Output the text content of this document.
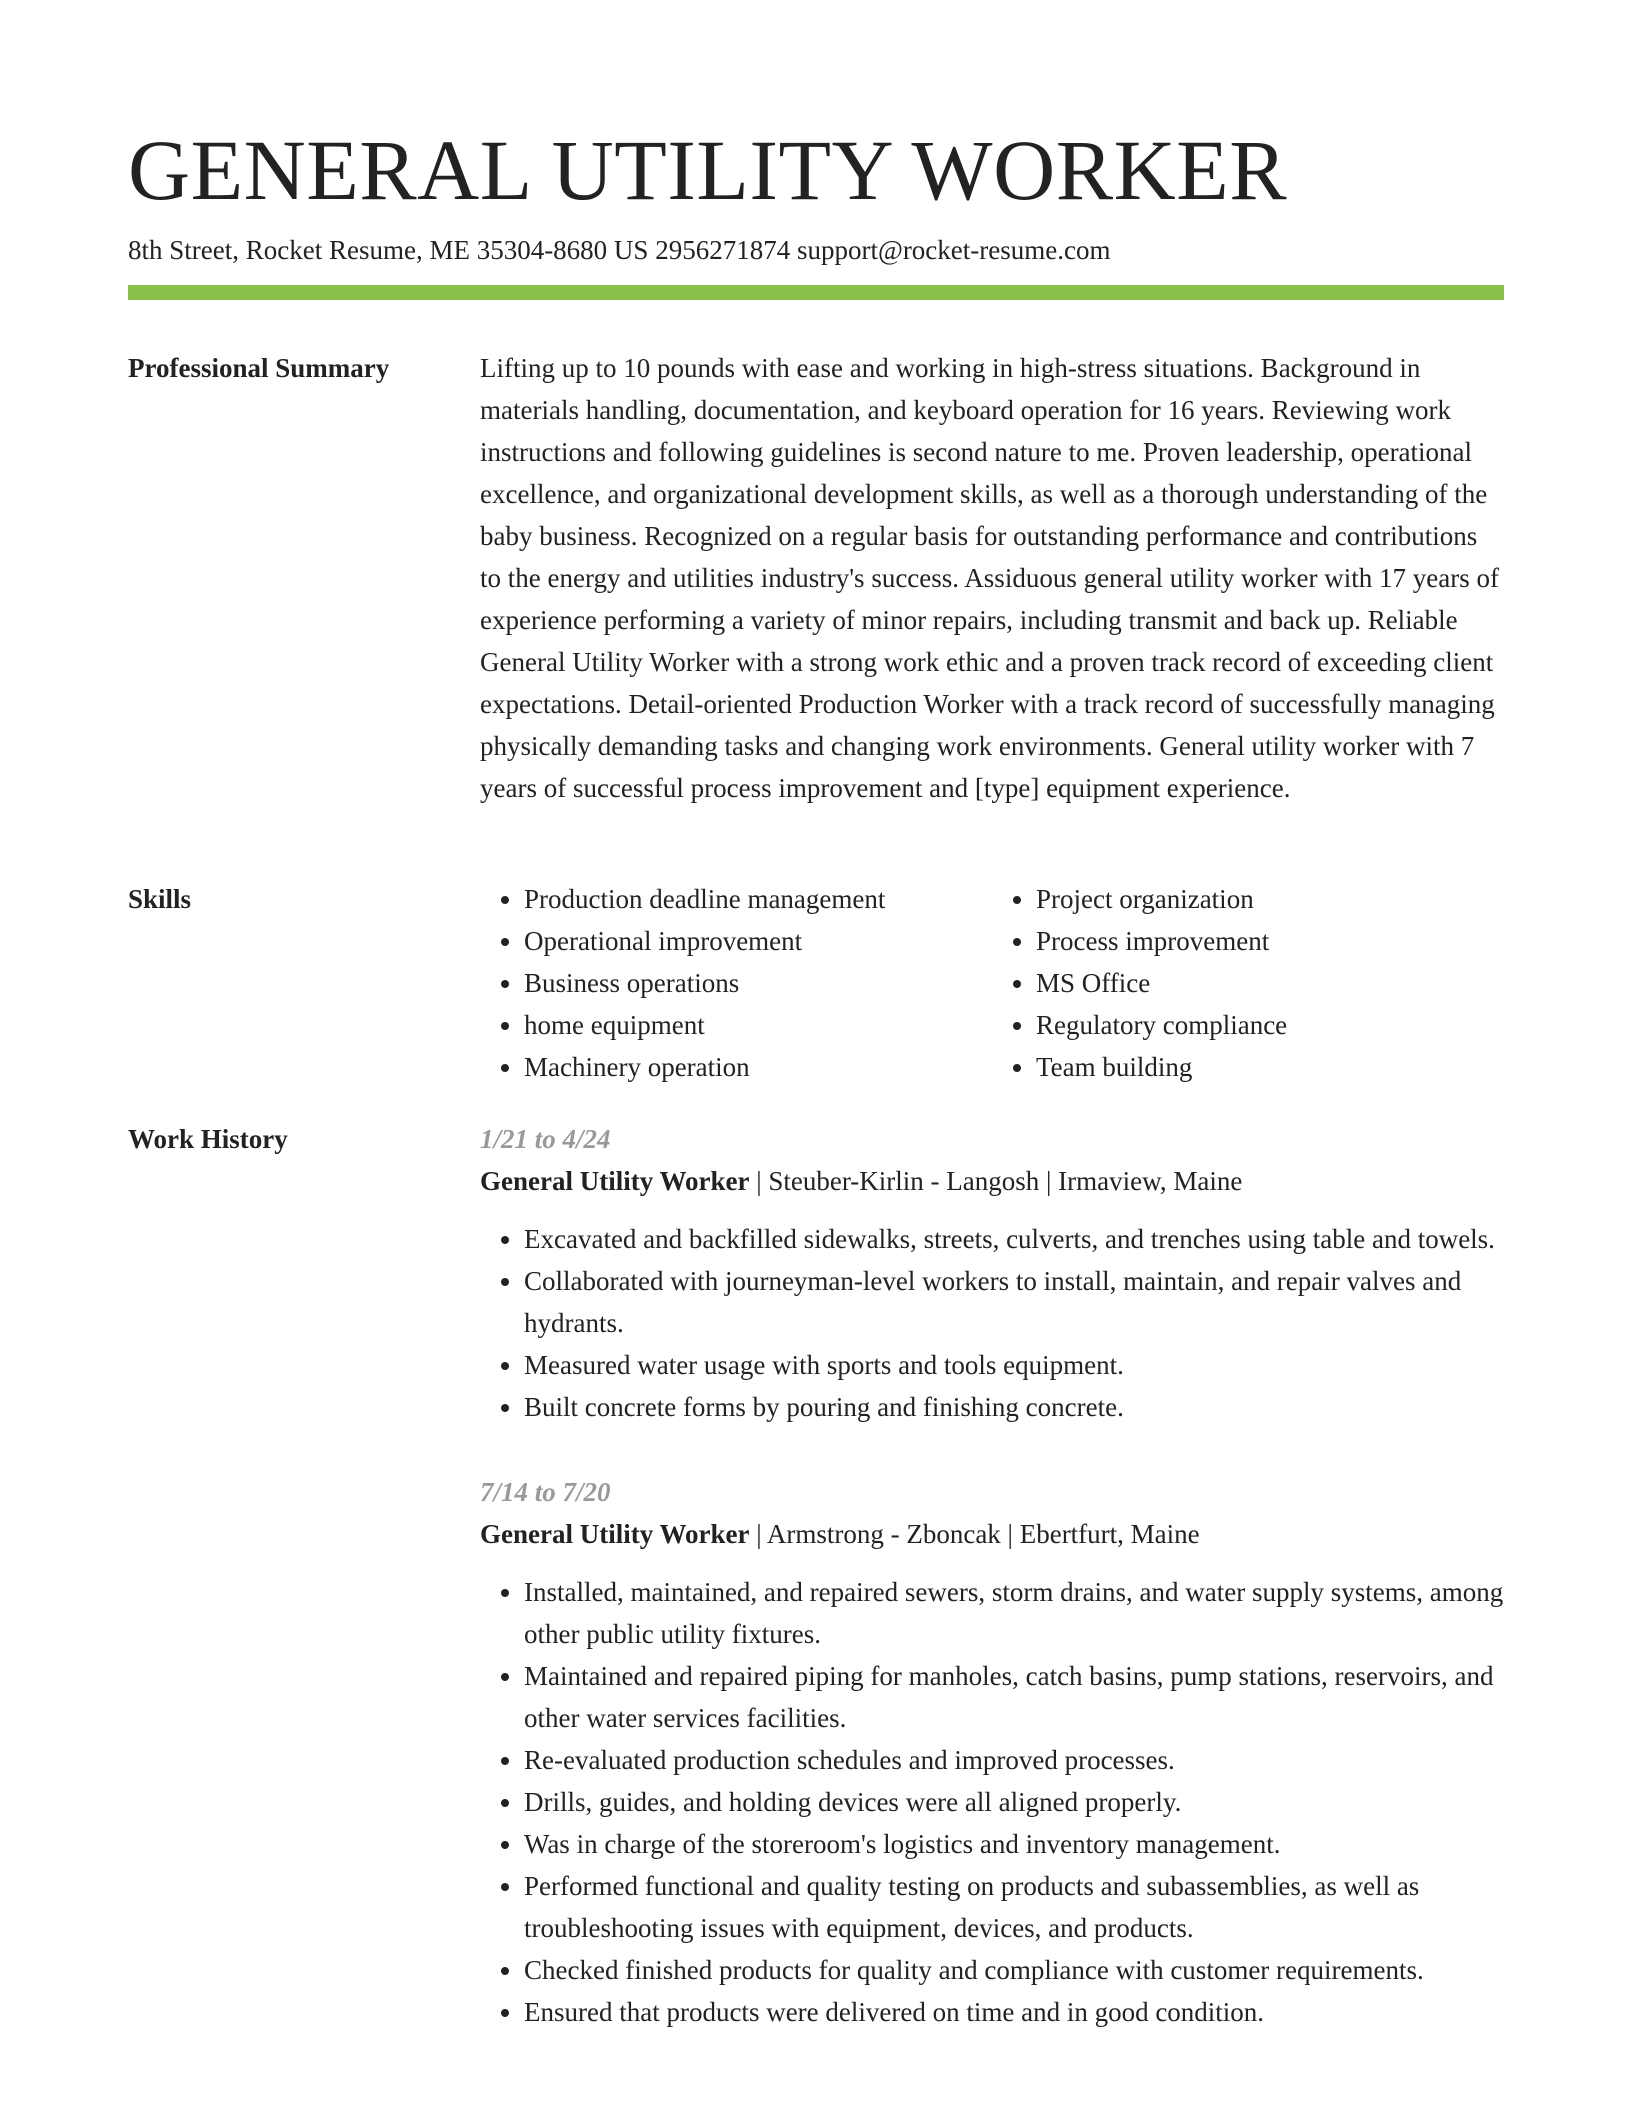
GENERAL UTILITY WORKER
8th Street, Rocket Resume, ME 35304-8680 US 2956271874 support@rocket-resume.com
Professional Summary	Lifting up to 10 pounds with ease and working in high-stress situations. Background in materials handling, documentation, and keyboard operation for 16 years. Reviewing work instructions and following guidelines is second nature to me. Proven leadership, operational excellence, and organizational development skills, as well as a thorough understanding of the baby business. Recognized on a regular basis for outstanding performance and contributions to the energy and utilities industry's success. Assiduous general utility worker with 17 years of experience performing a variety of minor repairs, including transmit and back up. Reliable General Utility Worker with a strong work ethic and a proven track record of exceeding client expectations. Detail-oriented Production Worker with a track record of successfully managing physically demanding tasks and changing work environments. General utility worker with 7 years of successful process improvement and [type] equipment experience.

Skills
•	Production deadline management
• Operational improvement
• Business operations
• home equipment
• Machinery operation
• Project organization
• Process improvement
• MS Office
• Regulatory compliance
• Team building
Work History	1/21 to 4/24
General Utility Worker | Steuber-Kirlin - Langosh | Irmaview, Maine
• Excavated and backfilled sidewalks, streets, culverts, and trenches using table and towels.
• Collaborated with journeyman-level workers to install, maintain, and repair valves and hydrants.
• Measured water usage with sports and tools equipment.
• Built concrete forms by pouring and finishing concrete.
7/14 to 7/20
General Utility Worker | Armstrong - Zboncak | Ebertfurt, Maine
• Installed, maintained, and repaired sewers, storm drains, and water supply systems, among other public utility fixtures.
• Maintained and repaired piping for manholes, catch basins, pump stations, reservoirs, and other water services facilities.
• Re-evaluated production schedules and improved processes.
• Drills, guides, and holding devices were all aligned properly.
• Was in charge of the storeroom's logistics and inventory management.
• Performed functional and quality testing on products and subassemblies, as well as troubleshooting issues with equipment, devices, and products.
• Checked finished products for quality and compliance with customer requirements.
• Ensured that products were delivered on time and in good condition.
